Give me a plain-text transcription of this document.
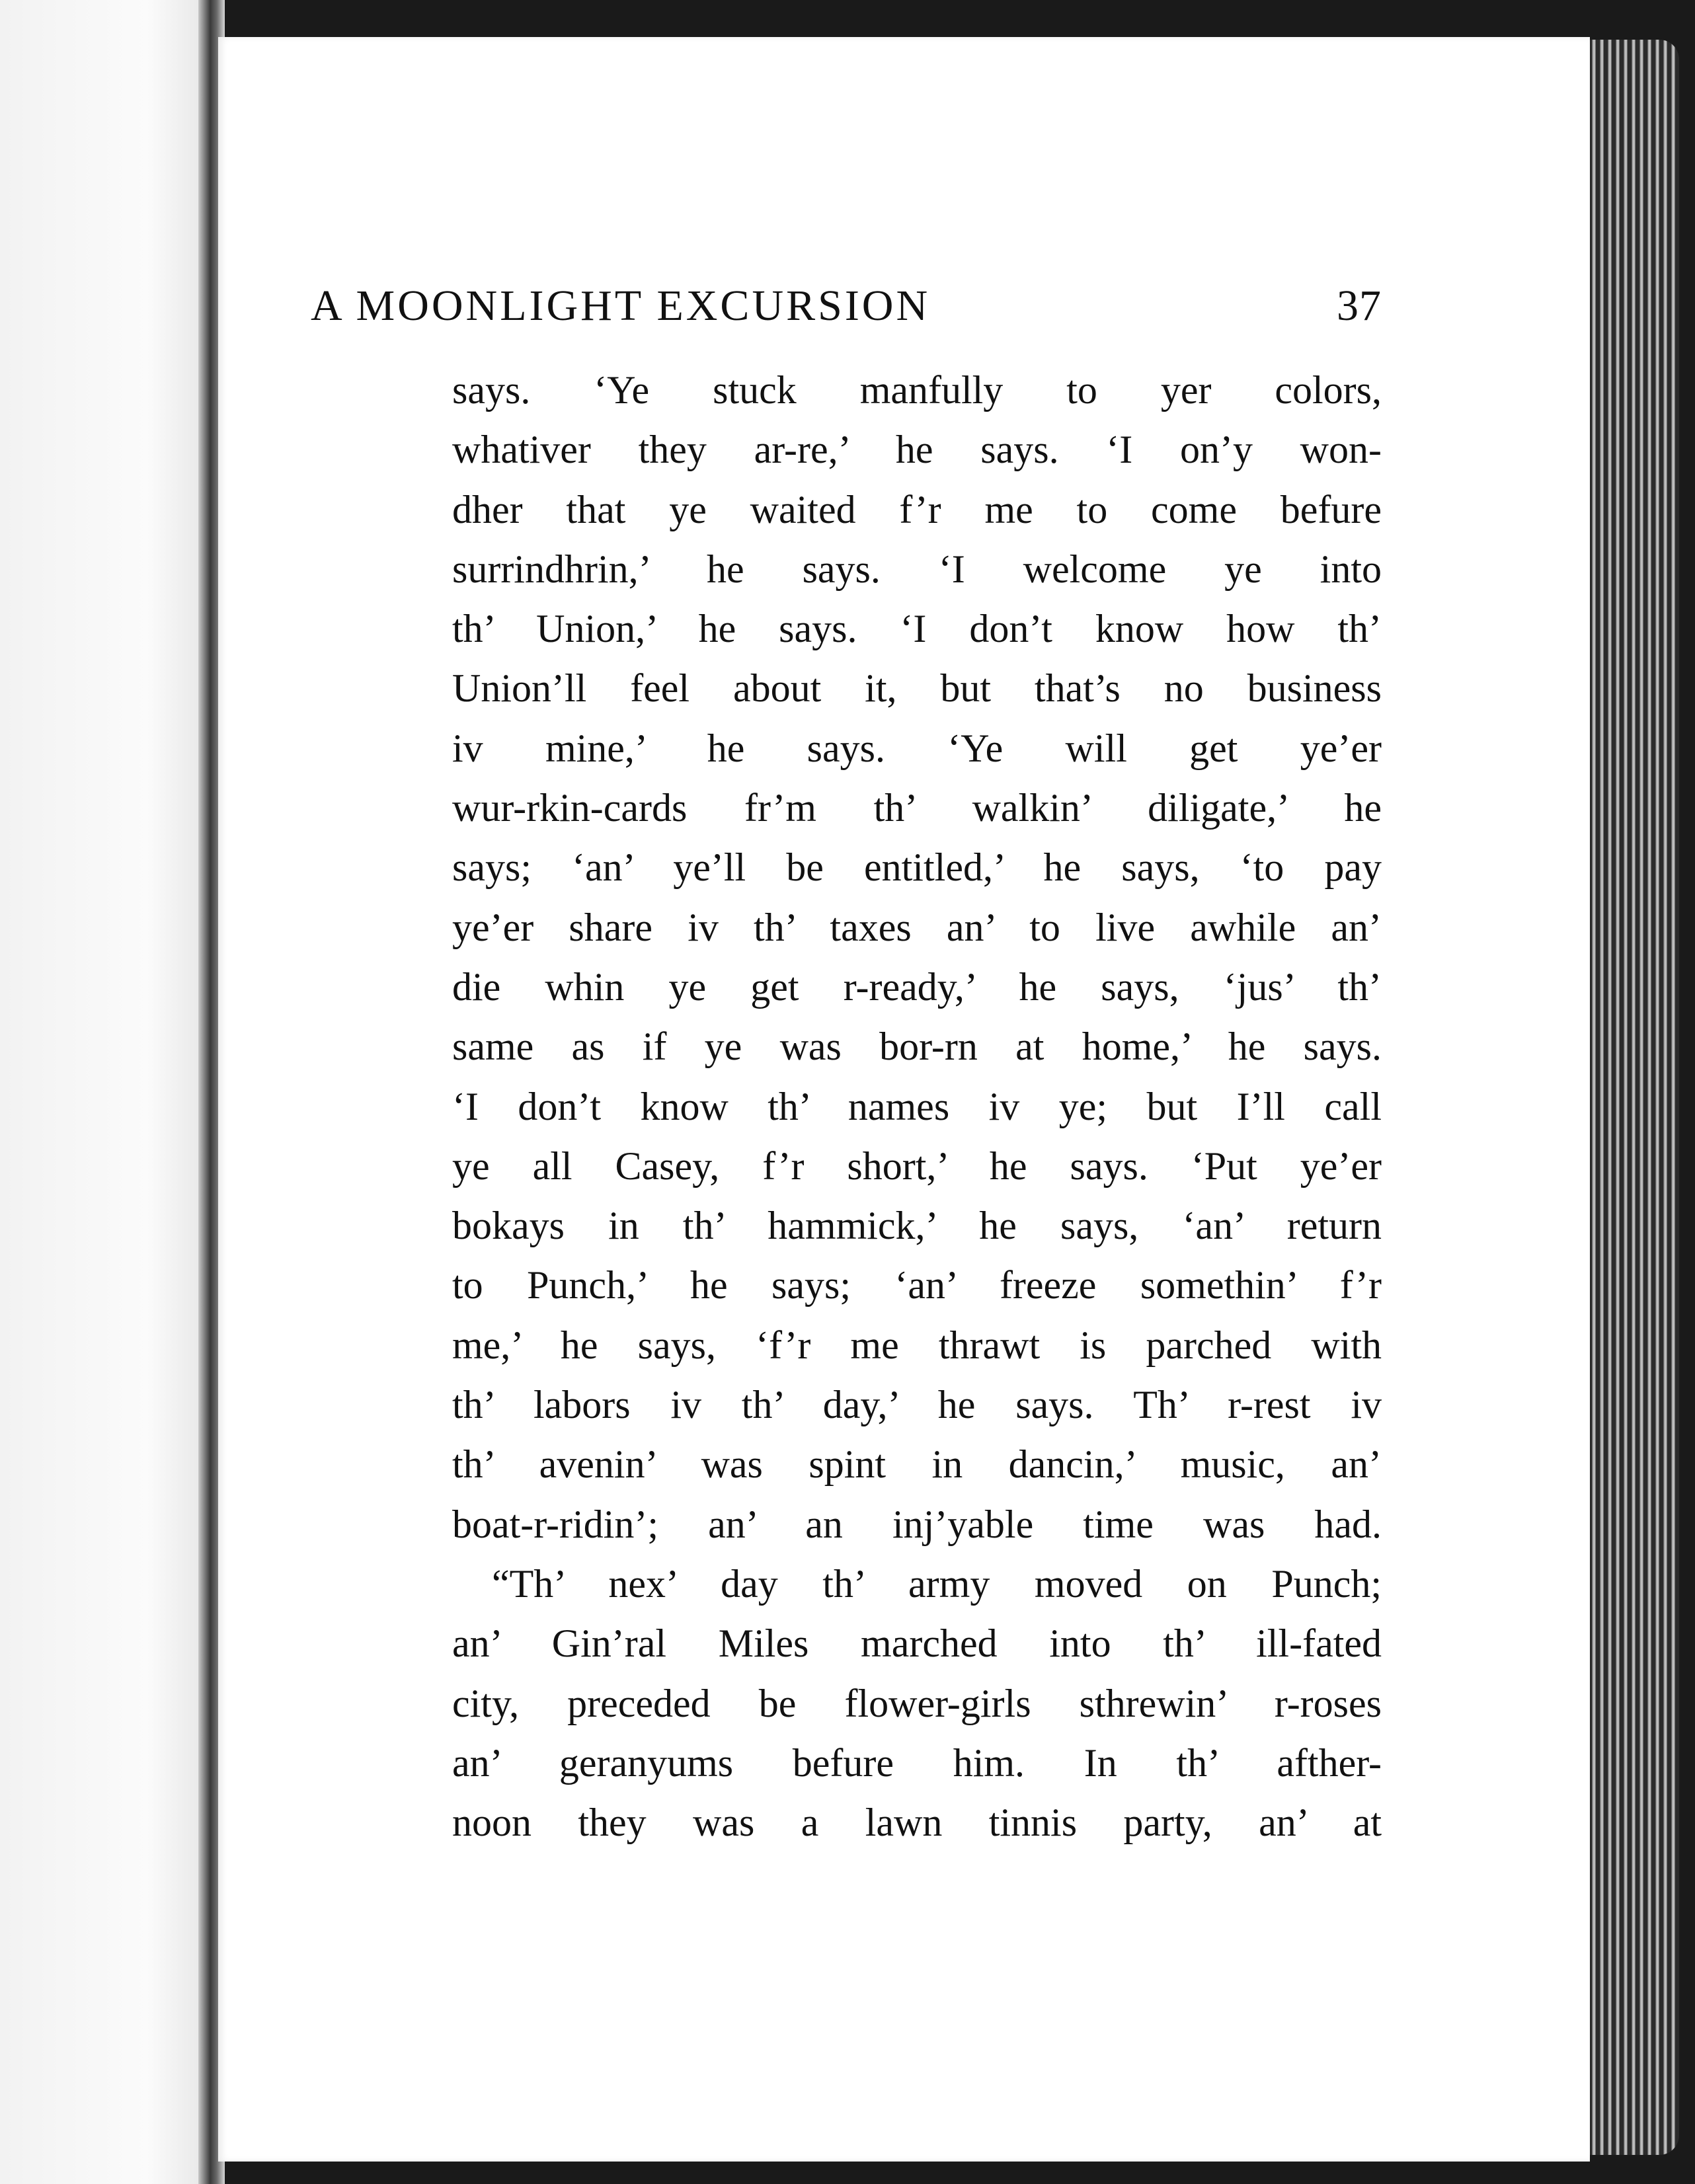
A MOONLIGHT EXCURSION	37
says. ‘Ye stuck manfully to yer colors,
whativer they ar-re,’ he says. ‘I on’y won-
dher that ye waited f’r me to come befure
surrindhrin,’ he says. ‘I welcome ye into
th’ Union,’ he says. ‘I don’t know how th’
Union’ll feel about it, but that’s no business
iv mine,’ he says. ‘Ye will get ye’er
wur-rkin-cards fr’m th’ walkin’ diligate,’ he
says; ‘an’ ye’ll be entitled,’ he says, ‘to pay
ye’er share iv th’ taxes an’ to live awhile an’
die whin ye get r-ready,’ he says, ‘jus’ th’
same as if ye was bor-rn at home,’ he says.
‘I don’t know th’ names iv ye; but I’ll call
ye all Casey, f’r short,’ he says. ‘Put ye’er
bokays in th’ hammick,’ he says, ‘an’ return
to Punch,’ he says; ‘an’ freeze somethin’ f’r
me,’ he says, ‘f’r me thrawt is parched with
th’ labors iv th’ day,’ he says. Th’ r-rest iv
th’ avenin’ was spint in dancin,’ music, an’
boat-r-ridin’; an’ an inj’yable time was had.
“Th’ nex’ day th’ army moved on Punch;
an’ Gin’ral Miles marched into th’ ill-fated
city, preceded be flower-girls sthrewin’ r-roses
an’ geranyums befure him. In th’ afther-
noon they was a lawn tinnis party, an’ at
